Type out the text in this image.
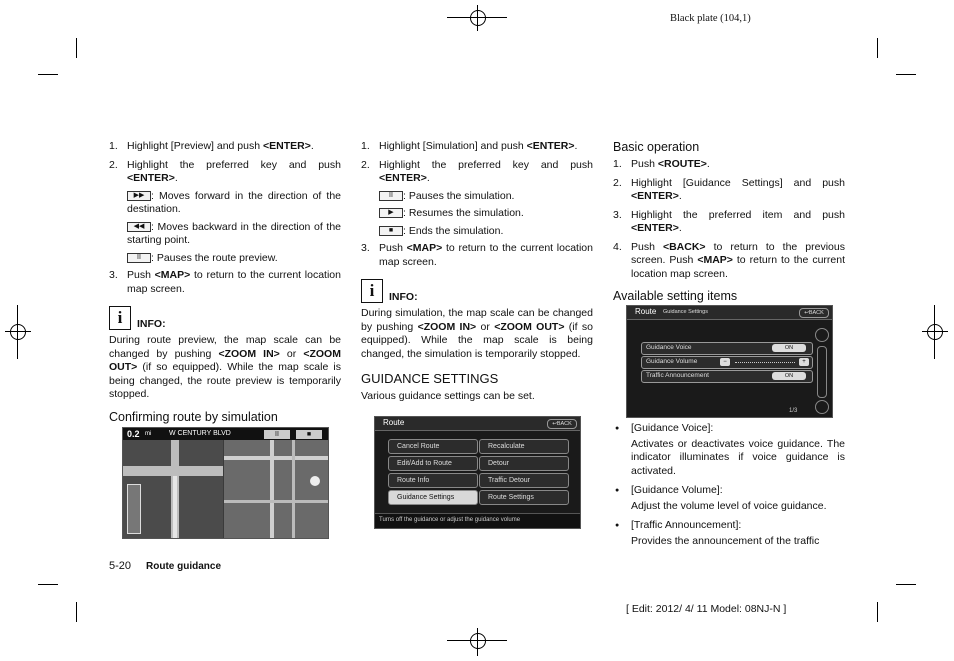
Black plate (104,1)
1. Highlight [Preview] and push <ENTER>.
2. Highlight the preferred key and push <ENTER>.
▶▶ : Moves forward in the direction of the destination.
◀◀ : Moves backward in the direction of the starting point.
II : Pauses the route preview.
3. Push <MAP> to return to the current location map screen.
i	INFO:
During route preview, the map scale can be changed by pushing <ZOOM IN> or <ZOOM OUT> (if so equipped). While the map scale is being changed, the route preview is temporarily stopped.
Confirming route by simulation
0.2 mi	W CENTURY BLVD	II	■
1. Highlight [Simulation] and push <ENTER>.
2. Highlight the preferred key and push <ENTER>.
II : Pauses the simulation.
▶ : Resumes the simulation.
■ : Ends the simulation.
3. Push <MAP> to return to the current location map screen.
i	INFO:
During simulation, the map scale can be changed by pushing <ZOOM IN> or <ZOOM OUT> (if so equipped). While the map scale is being changed, the simulation is temporarily stopped.
GUIDANCE SETTINGS
Various guidance settings can be set.
Route	↩BACK
Cancel Route	Recalculate
Edit/Add to Route	Detour
Route Info	Traffic Detour
Guidance Settings	Route Settings
Turns off the guidance or adjust the guidance volume
Basic operation
1. Push <ROUTE>.
2. Highlight [Guidance Settings] and push <ENTER>.
3. Highlight the preferred item and push <ENTER>.
4. Push <BACK> to return to the previous screen. Push <MAP> to return to the current location map screen.
Available setting items
Route Guidance Settings	↩BACK
Guidance Voice	ON
Guidance Volume	−	+
Traffic Announcement	ON
1/3
● [Guidance Voice]:
Activates or deactivates voice guidance. The indicator illuminates if voice guidance is activated.
● [Guidance Volume]:
Adjust the volume level of voice guidance.
● [Traffic Announcement]:
Provides the announcement of the traffic
5-20 Route guidance
[ Edit: 2012/ 4/ 11 Model: 08NJ-N ]
